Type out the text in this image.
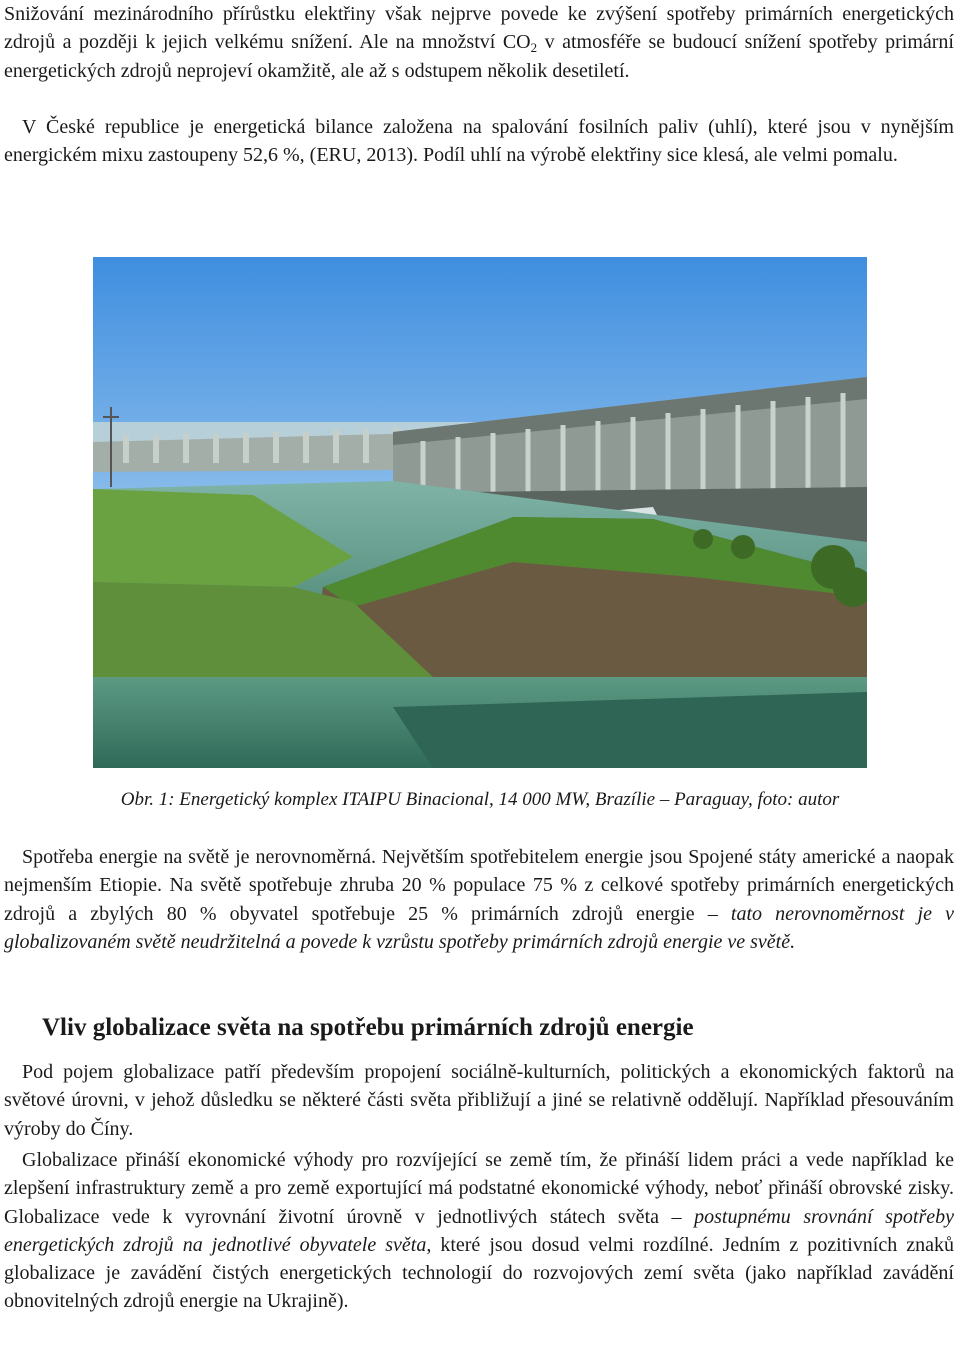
Snižování mezinárodního přírůstku elektřiny však nejprve povede ke zvýšení spotřeby primárních energetických zdrojů a později k jejich velkému snížení. Ale na množství $CO_2$ v atmosféře se budoucí snížení spotřeby primární energetických zdrojů neprojeví okamžitě, ale až s odstupem několik desetiletí.

V České republice je energetická bilance založena na spalování fosilních paliv (uhlí), které jsou v nynějším energickém mixu zastoupeny 52,6 %, (ERU, 2013). Podíl uhlí na výrobě elektřiny sice klesá, ale velmi pomalu.

Obr. 1: Energetický komplex ITAIPU Binacional, 14 000 MW, Brazílie – Paraguay, foto: autor

Spotřeba energie na světě je nerovnoměrná. Největším spotřebitelem energie jsou Spojené státy americké a naopak nejmenším Etiopie. Na světě spotřebuje zhruba 20 % populace 75 % z celkové spotřeby primárních energetických zdrojů a zbylých 80 % obyvatel spotřebuje 25 % primárních zdrojů energie – tato nerovnoměrnost je v globalizovaném světě neudržitelná a povede k vzrůstu spotřeby primárních zdrojů energie ve světě.

Vliv globalizace světa na spotřebu primárních zdrojů energie

Pod pojem globalizace patří především propojení sociálně-kulturních, politických a ekonomických faktorů na světové úrovni, v jehož důsledku se některé části světa přibližují a jiné se relativně oddělují. Například přesouváním výroby do Číny.

Globalizace přináší ekonomické výhody pro rozvíjející se země tím, že přináší lidem práci a vede například ke zlepšení infrastruktury země a pro země exportující má podstatné ekonomické výhody, neboť přináší obrovské zisky. Globalizace vede k vyrovnání životní úrovně v jednotlivých státech světa – postupnému srovnání spotřeby energetických zdrojů na jednotlivé obyvatele světa, které jsou dosud velmi rozdílné. Jedním z pozitivních znaků globalizace je zavádění čistých energetických technologií do rozvojových zemí světa (jako například zavádění obnovitelných zdrojů energie na Ukrajině).
